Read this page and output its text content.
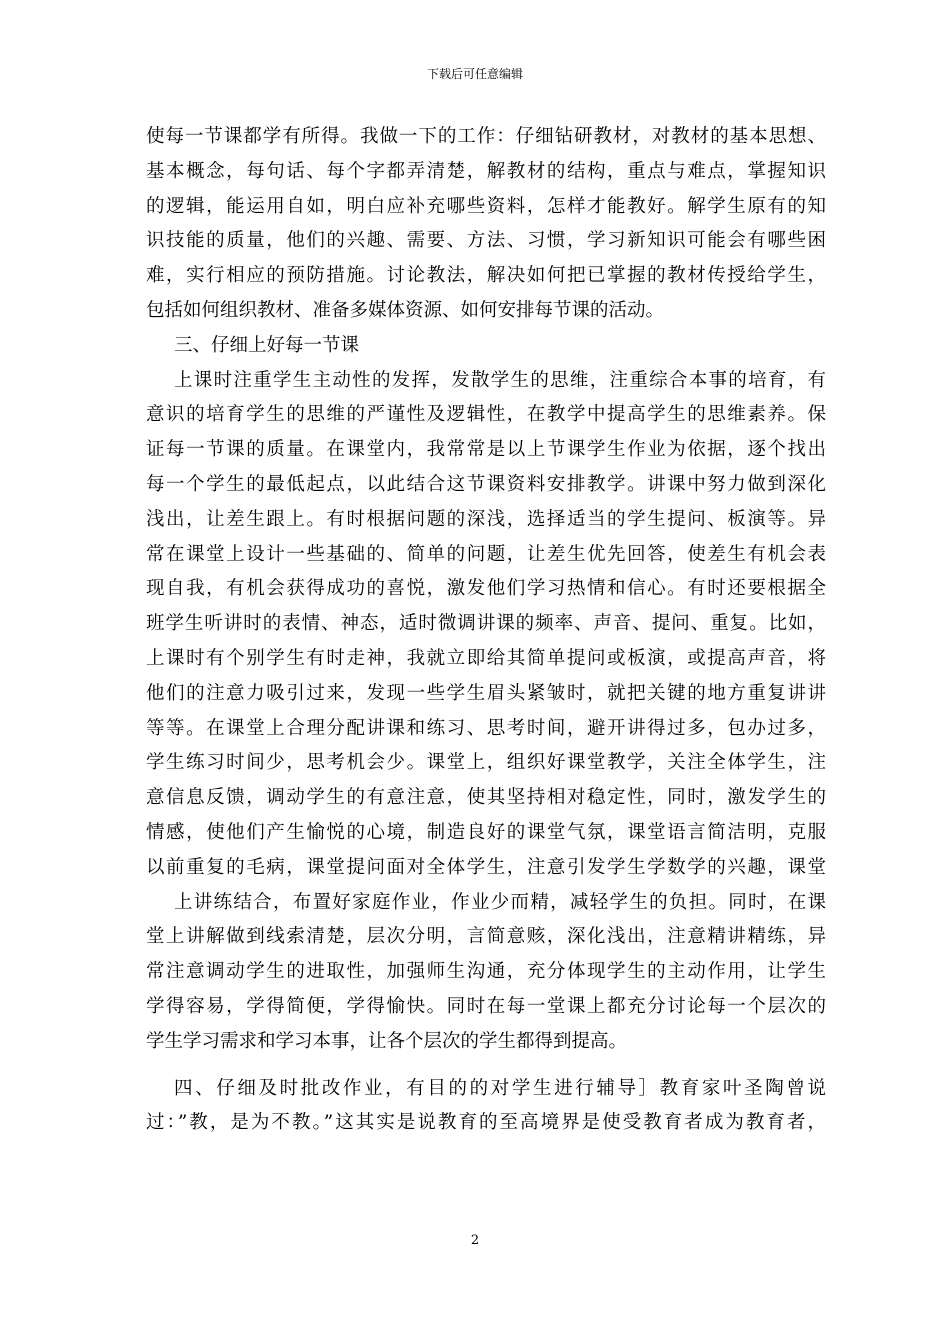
下载后可任意编辑
使每一节课都学有所得。我做一下的工作：仔细钻研教材，对教材的基本思想、
基本概念，每句话、每个字都弄清楚，解教材的结构，重点与难点，掌握知识
的逻辑，能运用自如，明白应补充哪些资料，怎样才能教好。解学生原有的知
识技能的质量，他们的兴趣、需要、方法、习惯，学习新知识可能会有哪些困
难，实行相应的预防措施。讨论教法，解决如何把已掌握的教材传授给学生，
包括如何组织教材、准备多媒体资源、如何安排每节课的活动。
三、仔细上好每一节课
上课时注重学生主动性的发挥，发散学生的思维，注重综合本事的培育，有
意识的培育学生的思维的严谨性及逻辑性，在教学中提高学生的思维素养。保
证每一节课的质量。在课堂内，我常常是以上节课学生作业为依据，逐个找出
每一个学生的最低起点，以此结合这节课资料安排教学。讲课中努力做到深化
浅出，让差生跟上。有时根据问题的深浅，选择适当的学生提问、板演等。异
常在课堂上设计一些基础的、简单的问题，让差生优先回答，使差生有机会表
现自我，有机会获得成功的喜悦，激发他们学习热情和信心。有时还要根据全
班学生听讲时的表情、神态，适时微调讲课的频率、声音、提问、重复。比如，
上课时有个别学生有时走神，我就立即给其简单提问或板演，或提高声音，将
他们的注意力吸引过来，发现一些学生眉头紧皱时，就把关键的地方重复讲讲
等等。在课堂上合理分配讲课和练习、思考时间，避开讲得过多，包办过多，
学生练习时间少，思考机会少。课堂上，组织好课堂教学，关注全体学生，注
意信息反馈，调动学生的有意注意，使其坚持相对稳定性，同时，激发学生的
情感，使他们产生愉悦的心境，制造良好的课堂气氛，课堂语言简洁明，克服
以前重复的毛病，课堂提问面对全体学生，注意引发学生学数学的兴趣，课堂
上讲练结合，布置好家庭作业，作业少而精，减轻学生的负担。同时，在课
堂上讲解做到线索清楚，层次分明，言简意赅，深化浅出，注意精讲精练，异
常注意调动学生的进取性，加强师生沟通，充分体现学生的主动作用，让学生
学得容易，学得简便，学得愉快。同时在每一堂课上都充分讨论每一个层次的
学生学习需求和学习本事，让各个层次的学生都得到提高。
四、仔细及时批改作业，有目的的对学生进行辅导］教育家叶圣陶曾说
过：”教，是为不教。”这其实是说教育的至高境界是使受教育者成为教育者，
2
